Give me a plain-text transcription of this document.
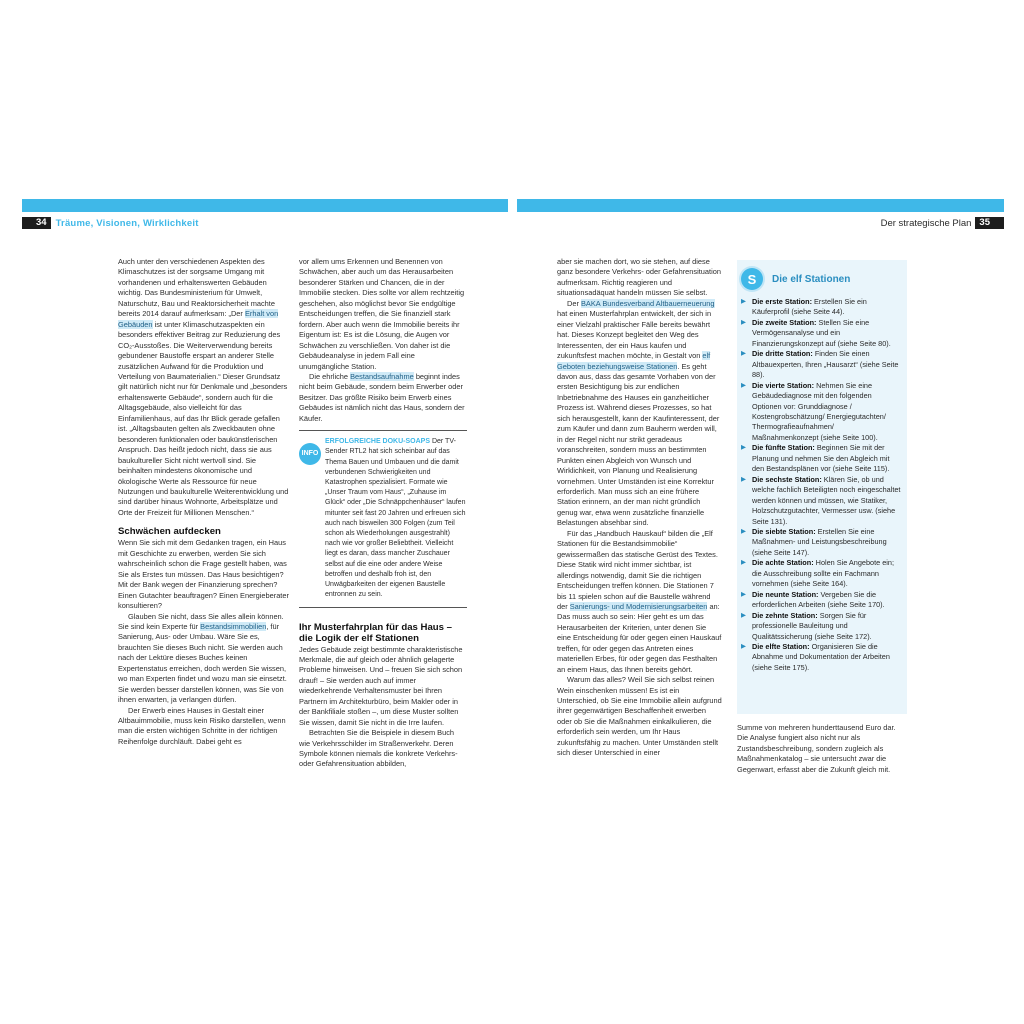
34 Träume, Visionen, Wirklichkeit	Der strategische Plan 35

Auch unter den verschiedenen Aspekten des Klimaschutzes ist der sorgsame Umgang mit vorhandenen und erhaltenswerten Gebäuden wichtig. Das Bundesministerium für Umwelt, Naturschutz, Bau und Reaktorsicherheit machte bereits 2014 darauf aufmerksam: „Der Erhalt von Gebäuden ist unter Klimaschutzaspekten ein besonders effektiver Beitrag zur Reduzierung des CO₂-Ausstoßes. Die Weiterverwendung bereits gebundener Baustoffe erspart an anderer Stelle zusätzlichen Aufwand für die Produktion und Verteilung von Baumaterialien.“ Dieser Grundsatz gilt natürlich nicht nur für Denkmale und „besonders erhaltenswerte Gebäude“, sondern auch für die Alltagsgebäude, also vielleicht für das Einfamilienhaus, auf das Ihr Blick gerade gefallen ist. „Alltagsbauten gelten als Zweckbauten ohne besonderen funktionalen oder baukünstlerischen Anspruch. Das heißt jedoch nicht, dass sie aus baukultureller Sicht nicht wertvoll sind. Sie beinhalten mindestens ökonomische und ökologische Werte als Ressource für neue Nutzungen und baukulturelle Weiterentwicklung und sind darüber hinaus Wohnorte, Arbeitsplätze und Orte der Freizeit für Millionen Menschen.“

Schwächen aufdecken

Wenn Sie sich mit dem Gedanken tragen, ein Haus mit Geschichte zu erwerben, werden Sie sich wahrscheinlich schon die Frage gestellt haben, was Sie als Erstes tun müssen. Das Haus besichtigen? Mit der Bank wegen der Finanzierung sprechen? Einen Gutachter beauftragen? Einen Energieberater konsultieren?

Glauben Sie nicht, dass Sie alles allein können. Sie sind kein Experte für Bestandsimmobilien, für Sanierung, Aus- oder Umbau. Wäre Sie es, brauchten Sie dieses Buch nicht. Sie werden auch nach der Lektüre dieses Buches keinen Expertenstatus erreichen, doch werden Sie wissen, wo man Experten findet und wozu man sie einsetzt. Sie werden besser darstellen können, was Sie von ihnen erwarten, ja verlangen dürfen.

Der Erwerb eines Hauses in Gestalt einer Altbauimmobilie, muss kein Risiko darstellen, wenn man die ersten wichtigen Schritte in der richtigen Reihenfolge durchläuft. Dabei geht es

vor allem ums Erkennen und Benennen von Schwächen, aber auch um das Herausarbeiten besonderer Stärken und Chancen, die in der Immobilie stecken. Dies sollte vor allem rechtzeitig geschehen, also möglichst bevor Sie endgültige Entscheidungen treffen, die Sie finanziell stark fordern. Aber auch wenn die Immobilie bereits ihr Eigentum ist: Es ist die Lösung, die Augen vor Schwächen zu verschließen. Von daher ist die Gebäudeanalyse in jedem Fall eine unumgängliche Station.

Die ehrliche Bestandsaufnahme beginnt indes nicht beim Gebäude, sondern beim Erwerber oder Besitzer. Das größte Risiko beim Erwerb eines Gebäudes ist nämlich nicht das Haus, sondern der Käufer.

INFO
ERFOLGREICHE DOKU-SOAPS Der TV-Sender RTL2 hat sich scheinbar auf das Thema Bauen und Umbauen und die damit verbundenen Schwierigkeiten und Katastrophen spezialisiert. Formate wie „Unser Traum vom Haus“, „Zuhause im Glück“ oder „Die Schnäppchenhäuser“ laufen mitunter seit fast 20 Jahren und erfreuen sich auch nach bisweilen 300 Folgen (zum Teil schon als Wiederholungen ausgestrahlt) nach wie vor großer Beliebtheit. Vielleicht liegt es daran, dass mancher Zuschauer selbst auf die eine oder andere Weise betroffen und deshalb froh ist, den Unwägbarkeiten der eigenen Baustelle entronnen zu sein.
Ihr Musterfahrplan für das Haus – die Logik der elf Stationen

Jedes Gebäude zeigt bestimmte charakteristische Merkmale, die auf gleich oder ähnlich gelagerte Probleme hinweisen. Und – freuen Sie sich schon drauf! – Sie werden auch auf immer wiederkehrende Verhaltensmuster bei Ihren Partnern im Architekturbüro, beim Makler oder in der Bankfiliale stoßen –, um diese Muster sollten Sie wissen, damit Sie nicht in die Irre laufen.

Betrachten Sie die Beispiele in diesem Buch wie Verkehrsschilder im Straßenverkehr. Deren Symbole können niemals die konkrete Verkehrs- oder Gefahrensituation abbilden,

aber sie machen dort, wo sie stehen, auf diese ganz besondere Verkehrs- oder Gefahrensituation aufmerksam. Richtig reagieren und situationsadäquat handeln müssen Sie selbst.

Der BAKA Bundesverband Altbauerneuerung hat einen Musterfahrplan entwickelt, der sich in einer Vielzahl praktischer Fälle bereits bewährt hat. Dieses Konzept begleitet den Weg des Interessenten, der ein Haus kaufen und zukunftsfest machen möchte, in Gestalt von elf Geboten beziehungsweise Stationen. Es geht davon aus, dass das gesamte Vorhaben von der ersten Besichtigung bis zur endlichen Inbetriebnahme des Hauses ein ganzheitlicher Prozess ist. Während dieses Prozesses, so hat sich herausgestellt, kann der Kaufinteressent, der zum Käufer und dann zum Bauherrn werden will, in der Regel nicht nur strikt geradeaus voranschreiten, sondern muss an bestimmten Punkten einen Abgleich von Wunsch und Wirklichkeit, von Planung und Realisierung vornehmen. Unter Umständen ist eine Korrektur erforderlich. Man muss sich an eine frühere Station erinnern, an der man nicht gründlich genug war, etwa wenn zusätzliche finanzielle Belastungen absehbar sind.

Für das „Handbuch Hauskauf“ bilden die „Elf Stationen für die Bestandsimmobilie“ gewissermaßen das statische Gerüst des Textes. Diese Statik wird nicht immer sichtbar, ist allerdings notwendig, damit Sie die richtigen Entscheidungen treffen können. Die Stationen 7 bis 11 spielen schon auf die Baustelle während der Sanierungs- und Modernisierungsarbeiten an: Das muss auch so sein: Hier geht es um das Herausarbeiten der Kriterien, unter denen Sie eine Entscheidung für oder gegen einen Hauskauf treffen, für oder gegen das Antreten eines materiellen Erbes, für oder gegen das Festhalten an einem Haus, das Ihnen bereits gehört.

Warum das alles? Weil Sie sich selbst reinen Wein einschenken müssen! Es ist ein Unterschied, ob Sie eine Immobilie allein aufgrund ihrer gegenwärtigen Beschaffenheit erwerben oder ob Sie die Maßnahmen einkalkulieren, die erforderlich sein werden, um Ihr Haus zukunftsfähig zu machen. Unter Umständen stellt sich dieser Unterschied in einer

S	Die elf Stationen
▶ Die erste Station: Erstellen Sie ein Käuferprofil (siehe Seite 44).
▶ Die zweite Station: Stellen Sie eine Vermögensanalyse und ein Finanzierungskonzept auf (siehe Seite 80).
▶ Die dritte Station: Finden Sie einen Altbauexperten, Ihren „Hausarzt“ (siehe Seite 88).
▶ Die vierte Station: Nehmen Sie eine Gebäudediagnose mit den folgenden Optionen vor: Grunddiagnose / Kostengrobschätzung/ Energiegutachten/ Thermografieaufnahmen/ Maßnahmenkonzept (siehe Seite 100).
▶ Die fünfte Station: Beginnen Sie mit der Planung und nehmen Sie den Abgleich mit den Bestandsplänen vor (siehe Seite 115).
▶ Die sechste Station: Klären Sie, ob und welche fachlich Beteiligten noch eingeschaltet werden können und müssen, wie Statiker, Holzschutzgutachter, Vermesser usw. (siehe Seite 131).
▶ Die siebte Station: Erstellen Sie eine Maßnahmen- und Leistungsbeschreibung (siehe Seite 147).
▶ Die achte Station: Holen Sie Angebote ein; die Ausschreibung sollte ein Fachmann vornehmen (siehe Seite 164).
▶ Die neunte Station: Vergeben Sie die erforderlichen Arbeiten (siehe Seite 170).
▶ Die zehnte Station: Sorgen Sie für professionelle Bauleitung und Qualitätssicherung (siehe Seite 172).
▶ Die elfte Station: Organisieren Sie die Abnahme und Dokumentation der Arbeiten (siehe Seite 175).

Summe von mehreren hunderttausend Euro dar. Die Analyse fungiert also nicht nur als Zustandsbeschreibung, sondern zugleich als Maßnahmenkatalog – sie untersucht zwar die Gegenwart, erfasst aber die Zukunft gleich mit.
